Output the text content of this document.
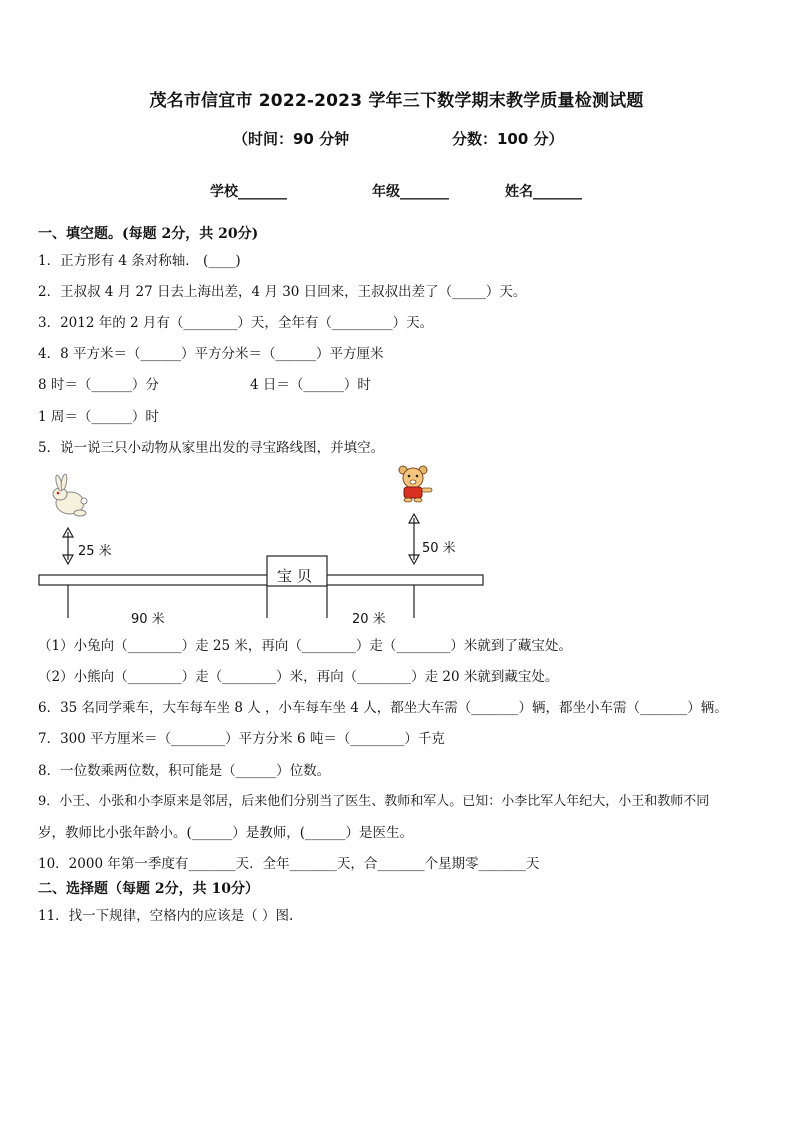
茂名市信宜市 2022-2023 学年三下数学期末教学质量检测试题
（时间：90 分钟	分数：100 分）
学校_______	年级_______	姓名_______
一、填空题。(每题 2分，共 20分)
1．正方形有 4 条对称轴． (____)
2．王叔叔 4 月 27 日去上海出差，4 月 30 日回来，王叔叔出差了（_____）天。
3．2012 年的 2 月有（________）天，全年有（_________）天。
4．8 平方米＝（______）平方分米＝（______）平方厘米
8 时＝（______）分	4 日＝（______）时
1 周＝（______）时
5．说一说三只小动物从家里出发的寻宝路线图，并填空。
25 米	50 米
宝 贝
90 米	20 米
（1）小兔向（________）走 25 米，再向（________）走（________）米就到了藏宝处。
（2）小熊向（________）走（________）米，再向（________）走 20 米就到藏宝处。
6．35 名同学乘车，大车每车坐 8 人 ，小车每车坐 4 人，都坐大车需（_______）辆，都坐小车需（_______）辆。
7．300 平方厘米＝（________）平方分米 6 吨＝（________）千克
8．一位数乘两位数，积可能是（______）位数。
9．小王、小张和小李原来是邻居，后来他们分别当了医生、教师和军人。已知：小李比军人年纪大，小王和教师不同
岁，教师比小张年龄小。(______）是教师，(______）是医生。
10．2000 年第一季度有_______天．全年_______天，合_______个星期零_______天
二、选择题（每题 2分，共 10分）
11．找一下规律，空格内的应该是（ ）图.
